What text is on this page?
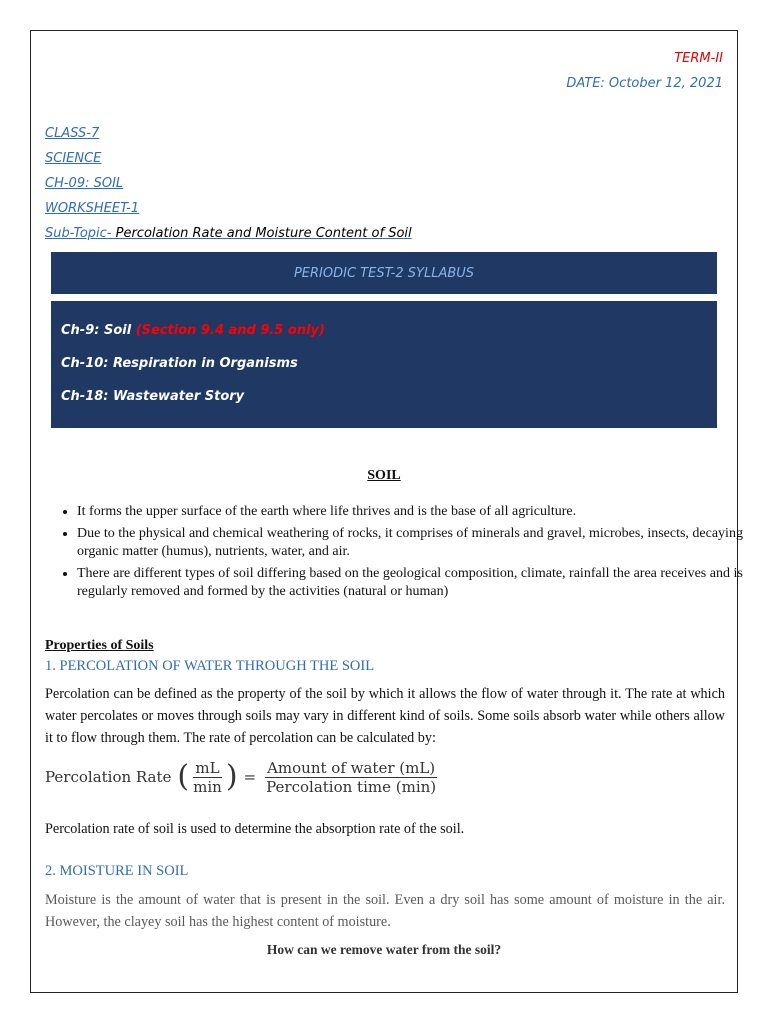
TERM-II
DATE: October 12, 2021
CLASS-7
SCIENCE
CH-09: SOIL
WORKSHEET-1
Sub-Topic- Percolation Rate and Moisture Content of Soil
PERIODIC TEST-2 SYLLABUS
Ch-9: Soil (Section 9.4 and 9.5 only)
Ch-10: Respiration in Organisms
Ch-18: Wastewater Story
SOIL
• It forms the upper surface of the earth where life thrives and is the base of all agriculture.
• Due to the physical and chemical weathering of rocks, it comprises of minerals and gravel, microbes, insects, decaying organic matter (humus), nutrients, water, and air.
• There are different types of soil differing based on the geological composition, climate, rainfall the area receives and is regularly removed and formed by the activities (natural or human)
Properties of Soils
1. PERCOLATION OF WATER THROUGH THE SOIL
Percolation can be defined as the property of the soil by which it allows the flow of water through it. The rate at which water percolates or moves through soils may vary in different kind of soils. Some soils absorb water while others allow it to flow through them. The rate of percolation can be calculated by:
Percolation Rate ( $\frac{mL}{\min}$ ) = $\frac{\text{Amount of water (mL)}}{\text{Percolation time (min)}}$
Percolation rate of soil is used to determine the absorption rate of the soil.
2. MOISTURE IN SOIL
Moisture is the amount of water that is present in the soil. Even a dry soil has some amount of moisture in the air. However, the clayey soil has the highest content of moisture.
How can we remove water from the soil?
